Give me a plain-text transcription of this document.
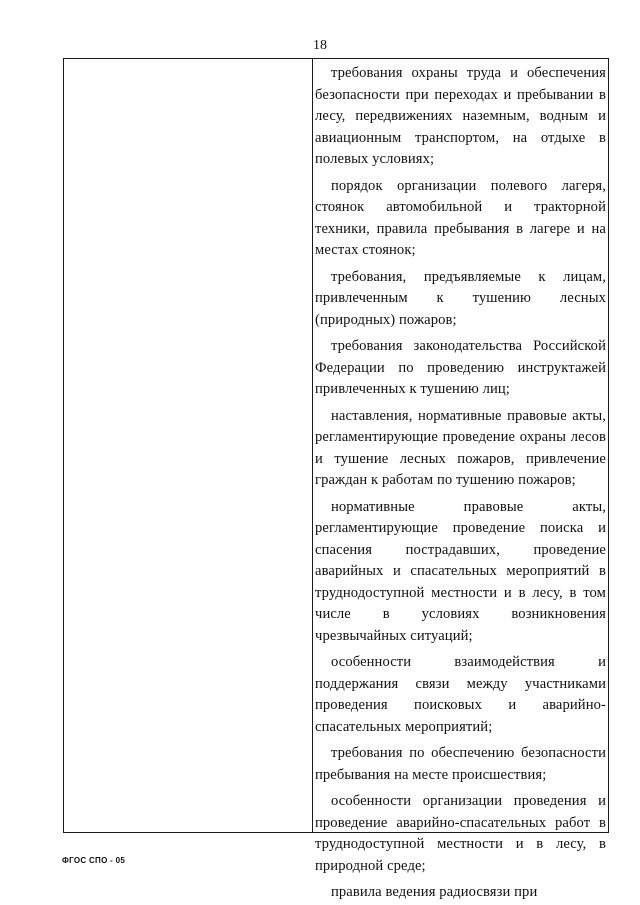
18

требования охраны труда и обеспечения безопасности при переходах и пребывании в лесу, передвижениях наземным, водным и авиационным транспортом, на отдыхе в полевых условиях;

порядок организации полевого лагеря, стоянок автомобильной и тракторной техники, правила пребывания в лагере и на местах стоянок;

требования, предъявляемые к лицам, привлеченным к тушению лесных (природных) пожаров;

требования законодательства Российской Федерации по проведению инструктажей привлеченных к тушению лиц;

наставления, нормативные правовые акты, регламентирующие проведение охраны лесов и тушение лесных пожаров, привлечение граждан к работам по тушению пожаров;

нормативные правовые акты, регламентирующие проведение поиска и спасения пострадавших, проведение аварийных и спасательных мероприятий в труднодоступной местности и в лесу, в том числе в условиях возникновения чрезвычайных ситуаций;

особенности взаимодействия и поддержания связи между участниками проведения поисковых и аварийно-спасательных мероприятий;

требования по обеспечению безопасности пребывания на месте происшествия;

особенности организации проведения и проведение аварийно-спасательных работ в труднодоступной местности и в лесу, в природной среде;

правила ведения радиосвязи при

ФГОС СПО - 05
